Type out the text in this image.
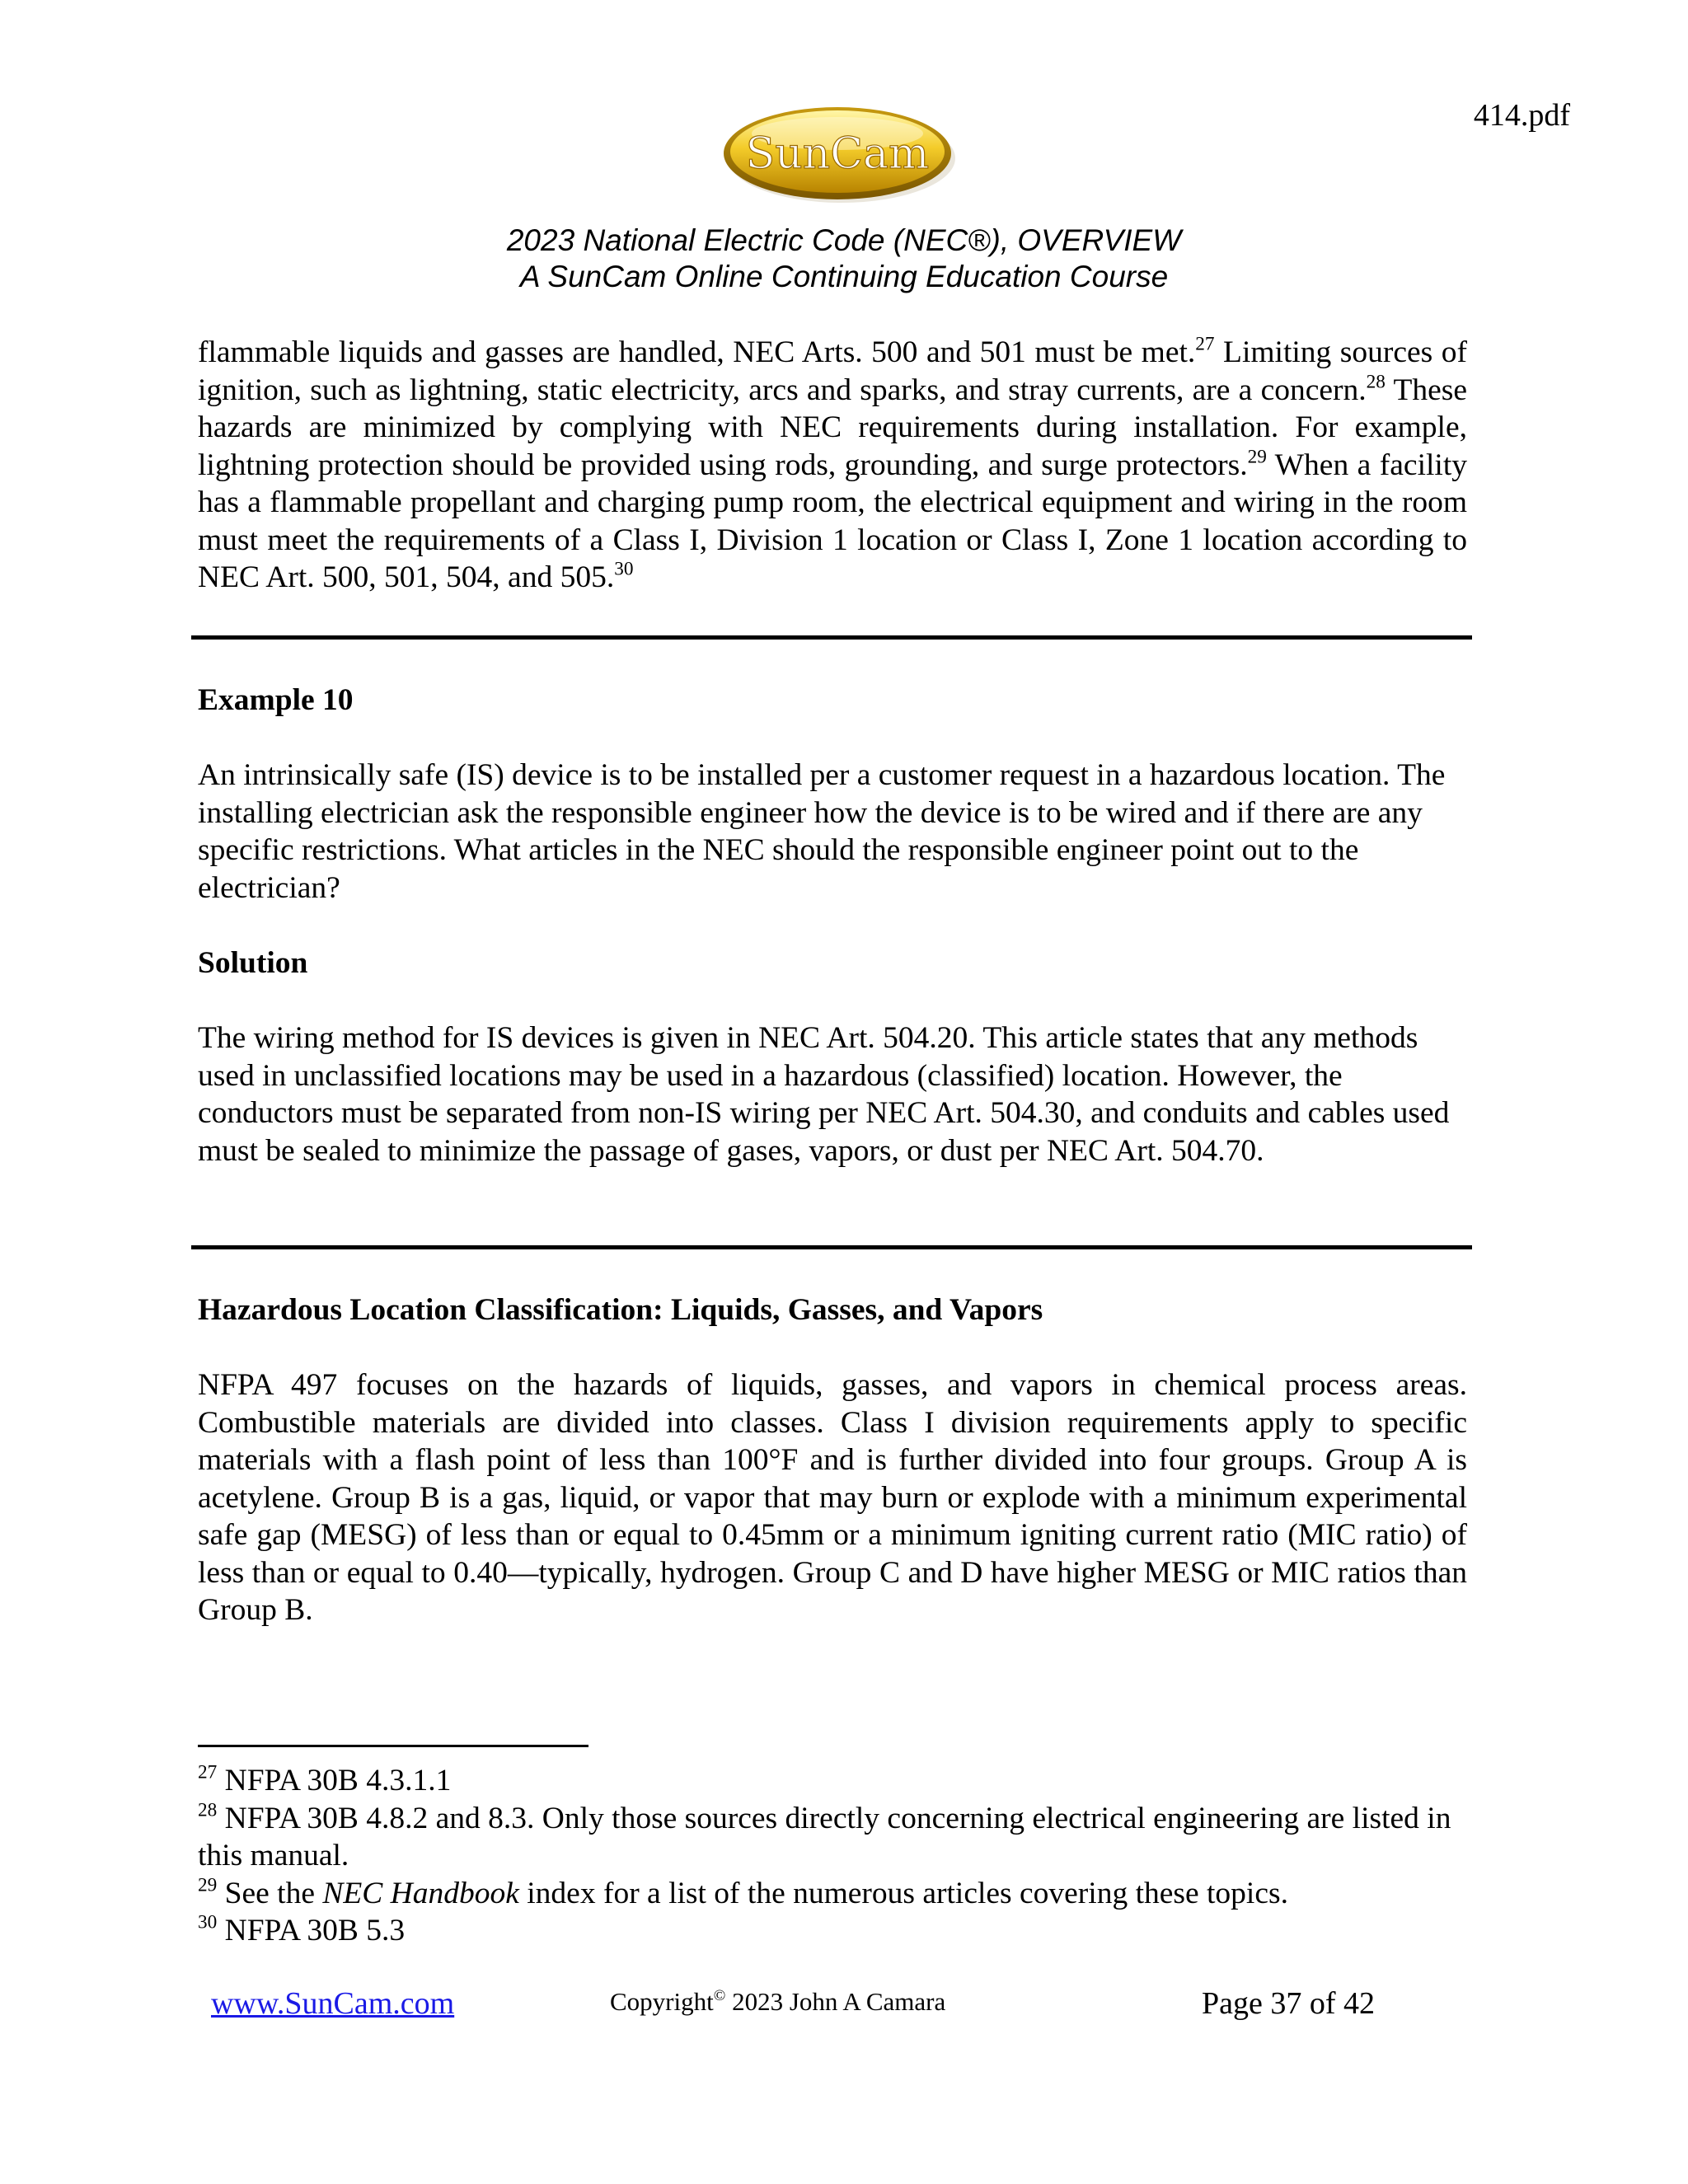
414.pdf
SunCam
2023 National Electric Code (NEC®), OVERVIEW
A SunCam Online Continuing Education Course

flammable liquids and gasses are handled, NEC Arts. 500 and 501 must be met.$^{27}$ Limiting sources of ignition, such as lightning, static electricity, arcs and sparks, and stray currents, are a concern.$^{28}$ These hazards are minimized by complying with NEC requirements during installation. For example, lightning protection should be provided using rods, grounding, and surge protectors.$^{29}$ When a facility has a flammable propellant and charging pump room, the electrical equipment and wiring in the room must meet the requirements of a Class I, Division 1 location or Class I, Zone 1 location according to NEC Art. 500, 501, 504, and 505.30

Example 10
An intrinsically safe (IS) device is to be installed per a customer request in a hazardous location. The installing electrician ask the responsible engineer how the device is to be wired and if there are any specific restrictions. What articles in the NEC should the responsible engineer point out to the electrician?
Solution
The wiring method for IS devices is given in NEC Art. 504.20. This article states that any methods used in unclassified locations may be used in a hazardous (classified) location. However, the conductors must be separated from non-IS wiring per NEC Art. 504.30, and conduits and cables used must be sealed to minimize the passage of gases, vapors, or dust per NEC Art. 504.70.
Hazardous Location Classification: Liquids, Gasses, and Vapors
NFPA 497 focuses on the hazards of liquids, gasses, and vapors in chemical process areas. Combustible materials are divided into classes. Class I division requirements apply to specific materials with a flash point of less than 100°F and is further divided into four groups. Group A is acetylene. Group B is a gas, liquid, or vapor that may burn or explode with a minimum experimental safe gap (MESG) of less than or equal to 0.45mm or a minimum igniting current ratio (MIC ratio) of less than or equal to 0.40—typically, hydrogen. Group C and D have higher MESG or MIC ratios than Group B.

$^{27}$ NFPA 30B 4.3.1.1

$^{28}$ NFPA 30B 4.8.2 and 8.3. Only those sources directly concerning electrical engineering are listed in this manual.

$^{29}$ See the NEC Handbook index for a list of the numerous articles covering these topics.

$^{30}$ NFPA 30B 5.3

www.SunCam.com	Copyright© 2023 John A Camara	Page 37 of 42
